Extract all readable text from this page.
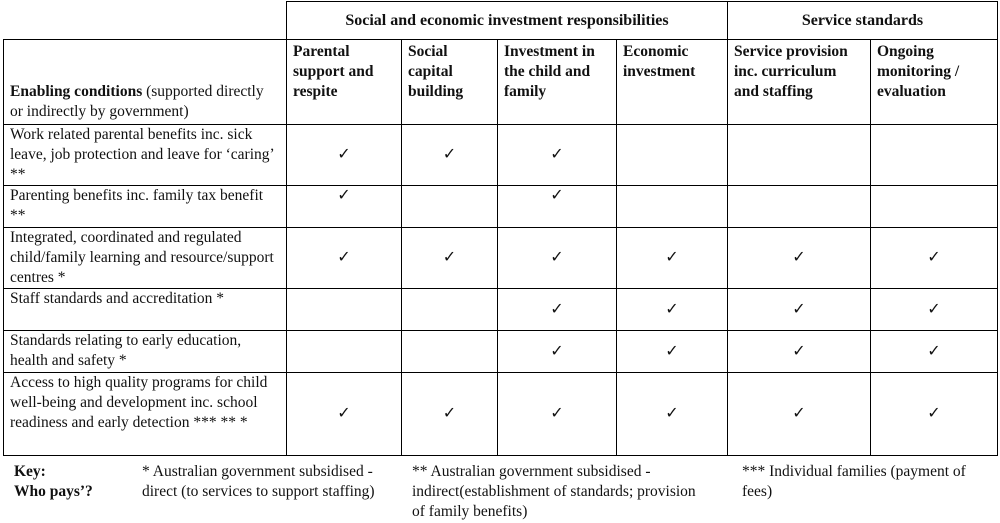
	Social and economic investment responsibilities				Service standards	
Enabling conditions (supported directly or indirectly by government)	Parental support and respite	Social capital building	Investment in the child and family	Economic investment	Service provision inc. curriculum and staffing	Ongoing monitoring / evaluation
Work related parental benefits inc. sick leave, job protection and leave for ‘caring’ **	✓	✓	✓			
Parenting benefits inc. family tax benefit **	✓		✓			
Integrated, coordinated and regulated child/family learning and resource/support centres *	✓	✓	✓	✓	✓	✓
Staff standards and accreditation *			✓	✓	✓	✓
Standards relating to early education, health and safety *			✓	✓	✓	✓
Access to high quality programs for child well-being and development inc. school readiness and early detection *** ** *	✓	✓	✓	✓	✓	✓
Key:
Who pays’?
* Australian government subsidised - direct (to services to support staffing)
** Australian government subsidised - indirect(establishment of standards; provision of family benefits)
*** Individual families (payment of fees)
